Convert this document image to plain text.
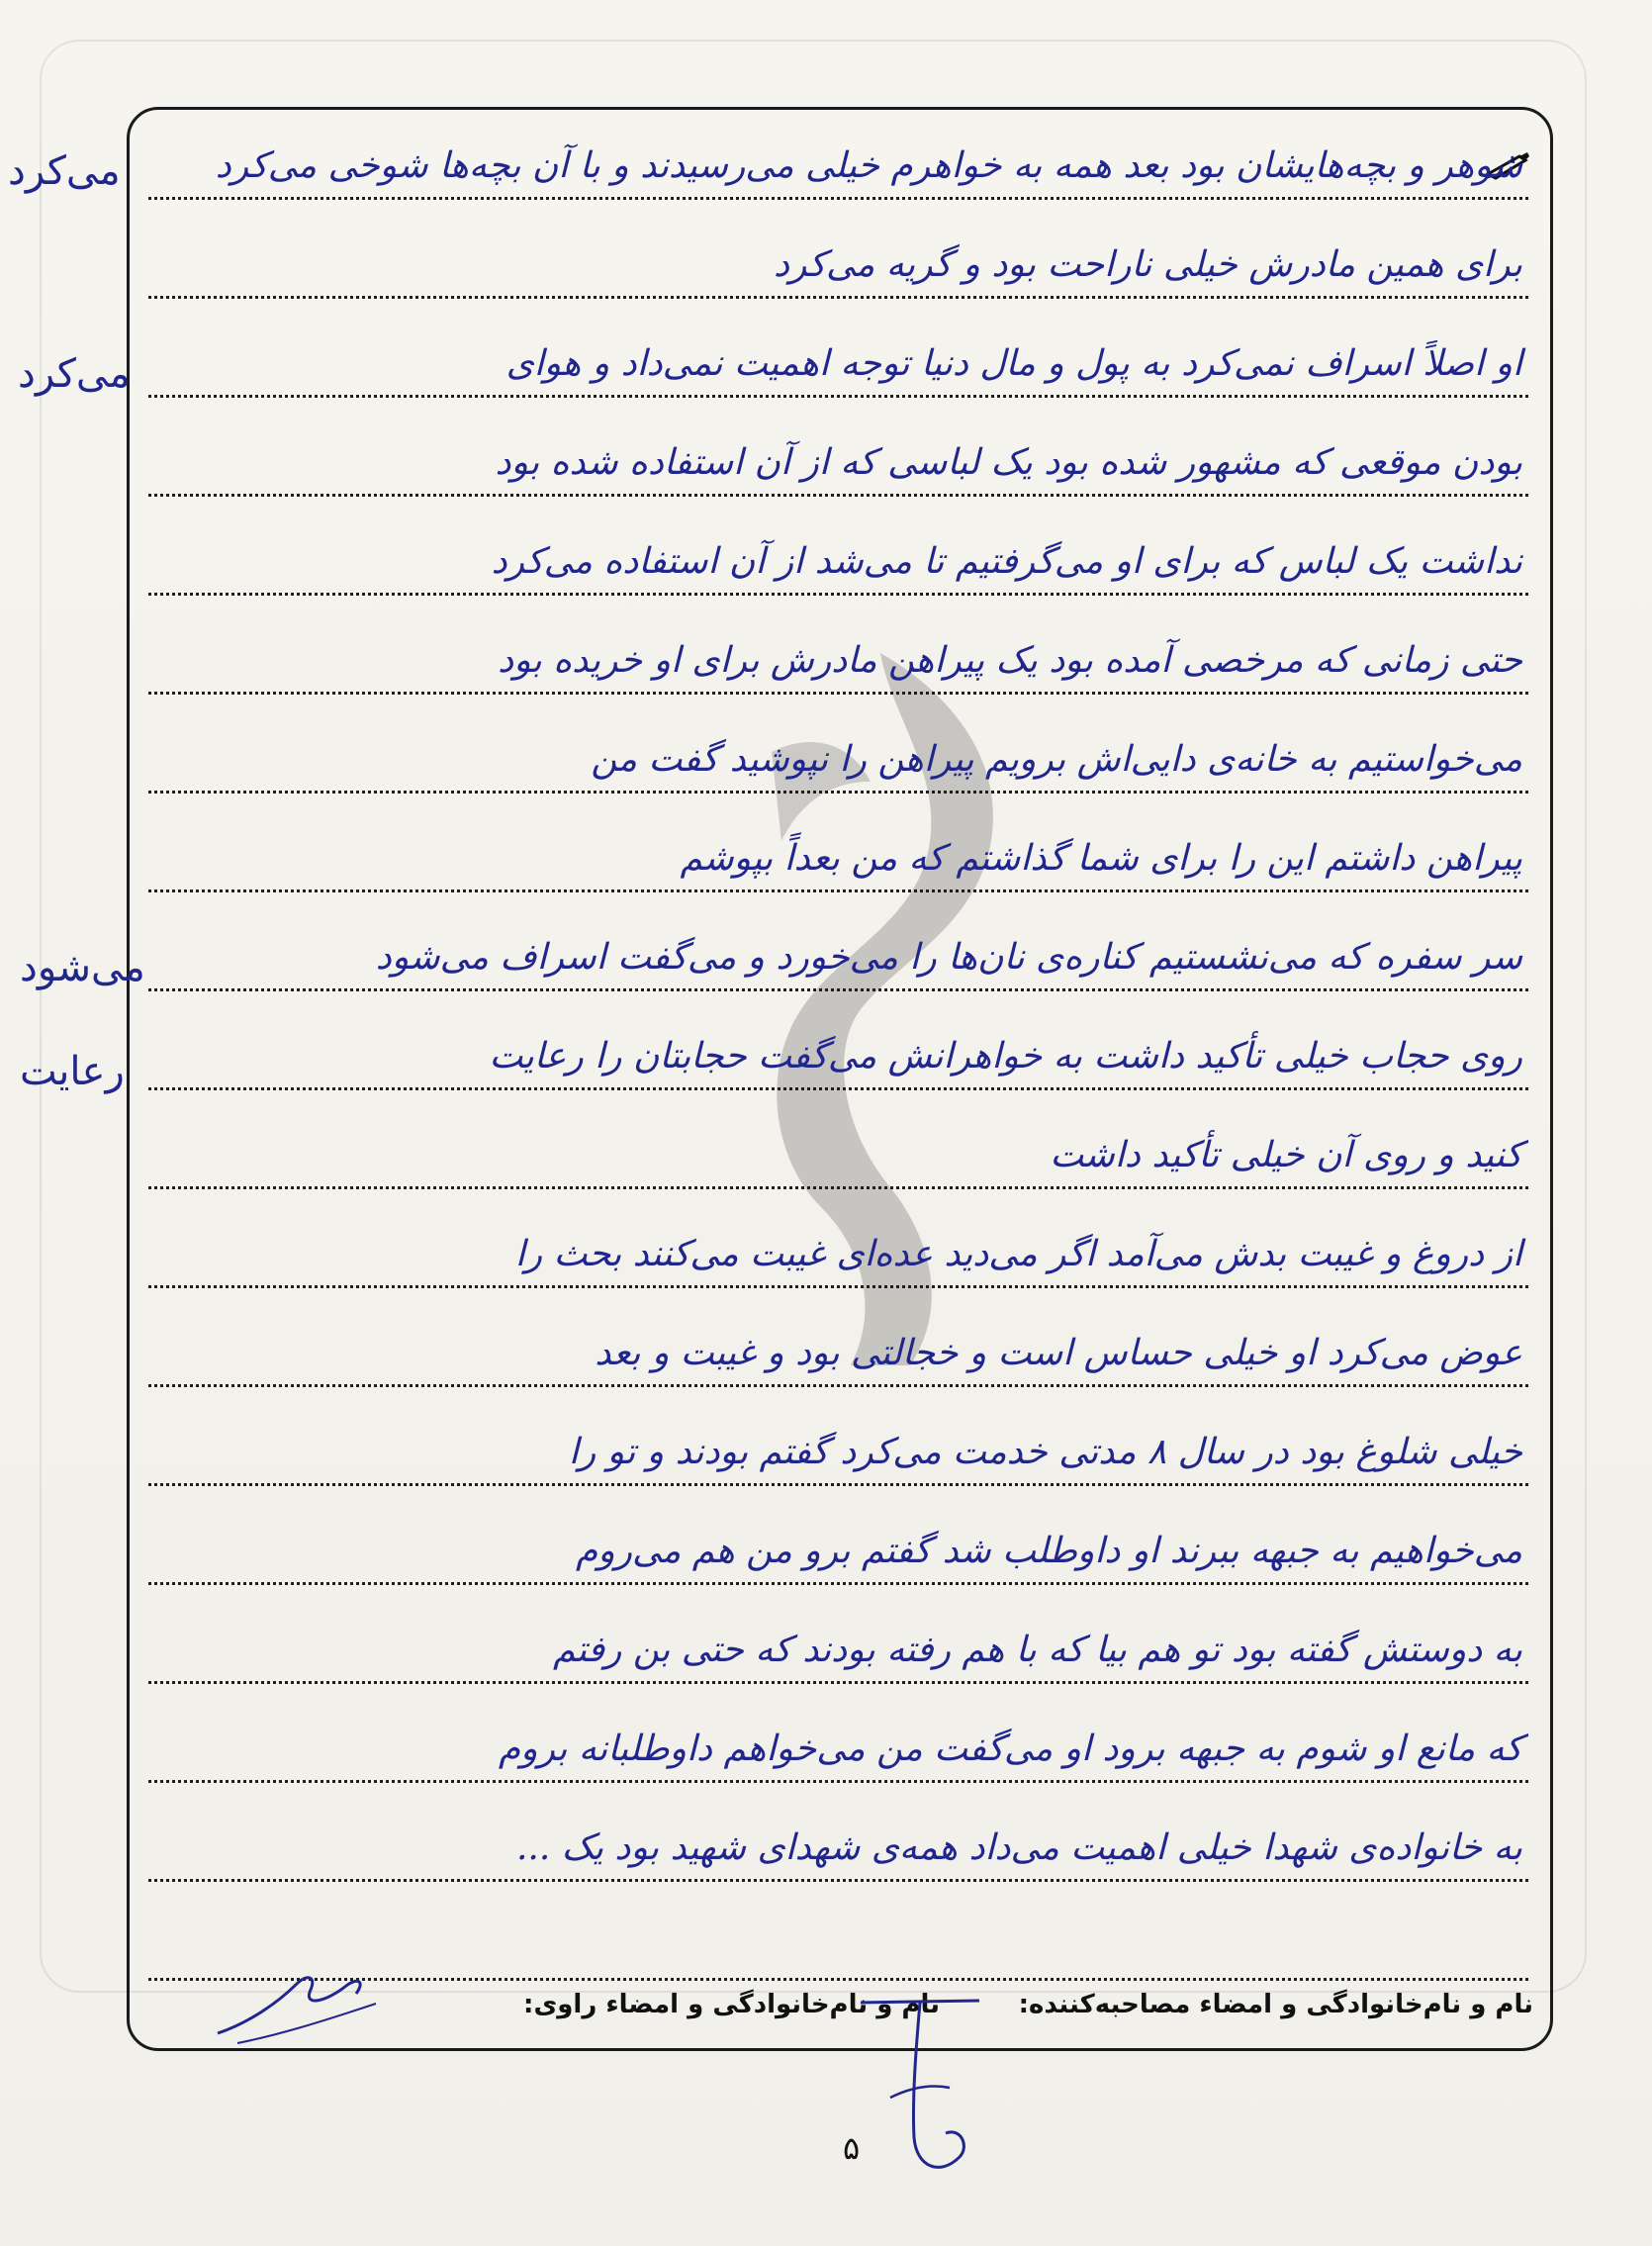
شوهر و بچه‌هایشان بود بعد همه به خواهرم خیلی می‌رسیدند و با آن بچه‌ها شوخی می‌کرد
برای همین مادرش خیلی ناراحت بود و گریه می‌کرد
او اصلاً اسراف نمی‌کرد به پول و مال دنیا توجه اهمیت نمی‌داد و هوای
بودن موقعی که مشهور شده بود یک لباسی که از آن استفاده شده بود
نداشت یک لباس که برای او می‌گرفتیم تا می‌شد از آن استفاده می‌کرد
حتی زمانی که مرخصی آمده بود یک پیراهن مادرش برای او خریده بود
می‌خواستیم به خانه‌ی دایی‌اش برویم پیراهن را نپوشید گفت من
پیراهن داشتم این را برای شما گذاشتم که من بعداً بپوشم
سر سفره که می‌نشستیم کناره‌ی نان‌ها را می‌خورد و می‌گفت اسراف می‌شود
روی حجاب خیلی تأکید داشت به خواهرانش می‌گفت حجابتان را رعایت
کنید و روی آن خیلی تأکید داشت
از دروغ و غیبت بدش می‌آمد اگر می‌دید عده‌ای غیبت می‌کنند بحث را
عوض می‌کرد او خیلی حساس است و خجالتی بود و غیبت و بعد
خیلی شلوغ بود در سال ۸ مدتی خدمت می‌کرد گفتم بودند و تو را
می‌خواهیم به جبهه ببرند او داوطلب شد گفتم برو من هم می‌روم
به دوستش گفته بود تو هم بیا که با هم رفته بودند که حتی بن رفتم
که مانع او شوم به جبهه برود او می‌گفت من می‌خواهم داوطلبانه بروم
به خانواده‌ی شهدا خیلی اهمیت می‌داد همه‌ی شهدای شهید بود یک ...
می‌کرد
می‌کرد
می‌شود
رعایت
نام و نام‌خانوادگی و امضاء مصاحبه‌کننده:
نام و نام‌خانوادگی و امضاء راوی:
۵
